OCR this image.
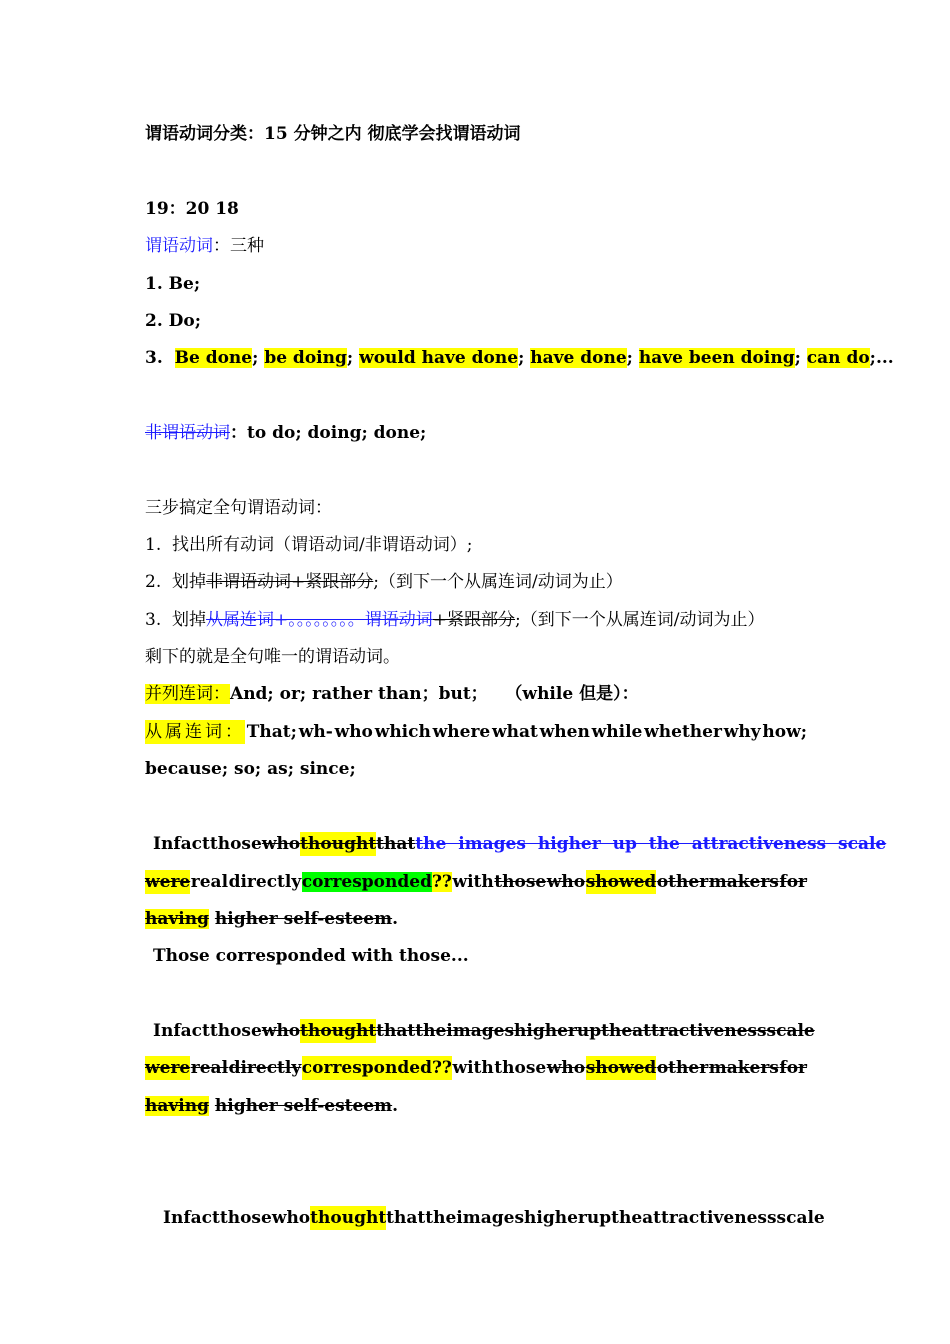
谓语动词分类：15 分钟之内 彻底学会找谓语动词
19：20 18
谓语动词：三种
1. Be;
2. Do;
3.  Be done; be doing; would have done; have done; have been doing; can do;...
非谓语动词：to do; doing; done;
三步搞定全句谓语动词：
1.  找出所有动词（谓语动词/非谓语动词）;
2.  划掉非谓语动词+紧跟部分;（到下一个从属连词/动词为止）
3.  划掉从属连词+。。。。。。。。谓语动词+紧跟部分;（到下一个从属连词/动词为止）
剩下的就是全句唯一的谓语动词。
并列连词：And; or; rather than；but；   （while 但是）：
从属连词： That; wh- who which where what when while whether why how;
because; so; as; since;
In fact those who thought that the images higher up the attractiveness scale
were real directly corresponded?? with those who showed other makers for
having higher self-esteem.
Those corresponded with those...
In fact those who thought that the images higher up the attractiveness scale
were real directly corresponded?? with those who showed other makers for
having higher self-esteem.
In fact those who thought that the images higher up the attractiveness scale
